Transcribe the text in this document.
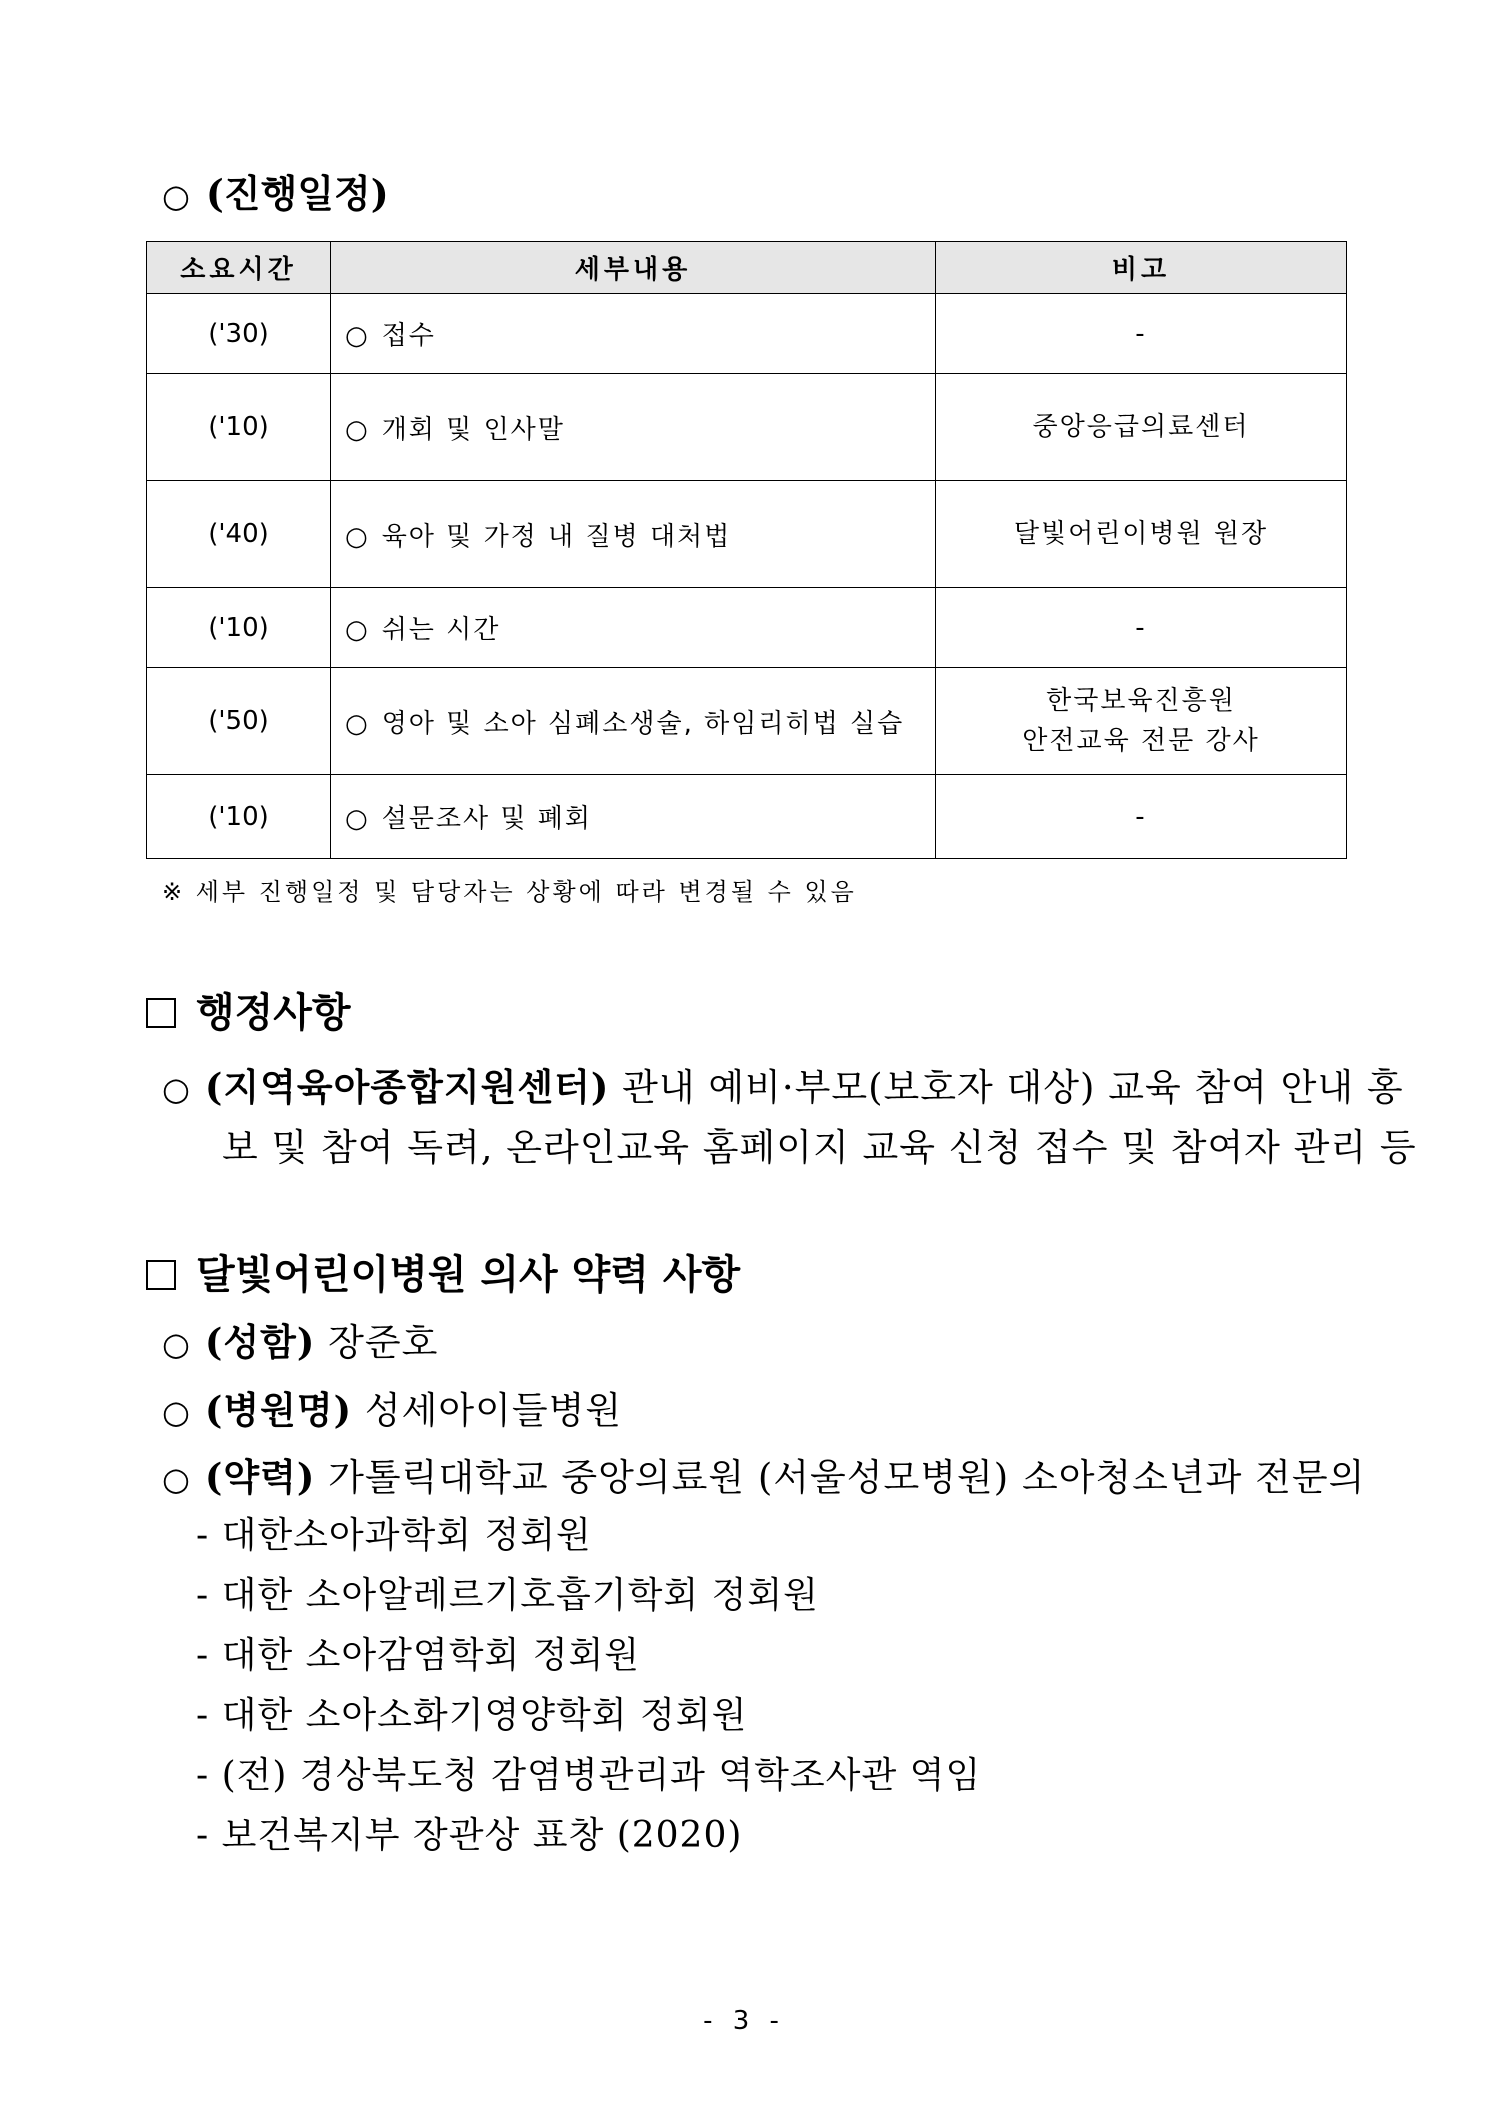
○ (진행일정)
소요시간	세부내용	비고
('30)	○ 접수	-
('10)	○ 개회 및 인사말	중앙응급의료센터
('40)	○ 육아 및 가정 내 질병 대처법	달빛어린이병원 원장
('10)	○ 쉬는 시간	-
('50)	○ 영아 및 소아 심폐소생술, 하임리히법 실습	한국보육진흥원
안전교육 전문 강사

('10)	○ 설문조사 및 폐회	-
※ 세부 진행일정 및 담당자는 상황에 따라 변경될 수 있음
행정사항
○ (지역육아종합지원센터) 관내 예비·부모(보호자 대상) 교육 참여 안내 홍
보 및 참여 독려, 온라인교육 홈페이지 교육 신청 접수 및 참여자 관리 등
달빛어린이병원 의사 약력 사항
○ (성함) 장준호
○ (병원명) 성세아이들병원
○ (약력) 가톨릭대학교 중앙의료원 (서울성모병원) 소아청소년과 전문의
- 대한소아과학회 정회원
- 대한 소아알레르기호흡기학회 정회원
- 대한 소아감염학회 정회원
- 대한 소아소화기영양학회 정회원
- (전) 경상북도청 감염병관리과 역학조사관 역임
- 보건복지부 장관상 표창 (2020)
- 3 -
